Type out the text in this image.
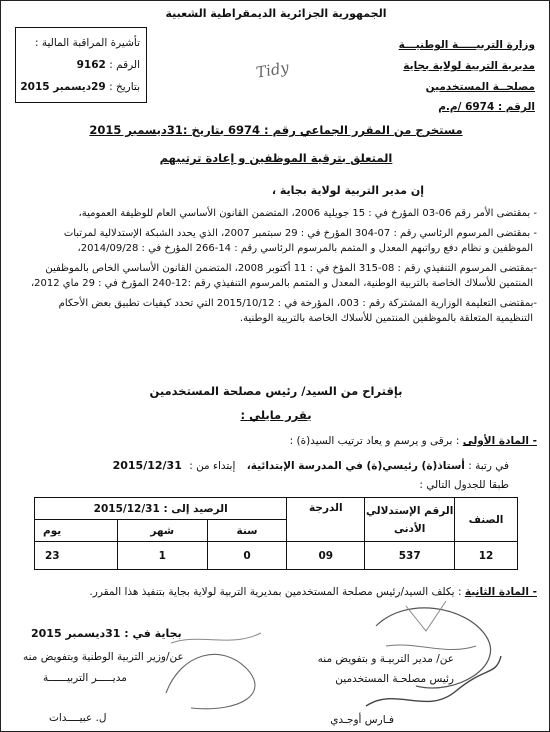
الجمهورية الجزائرية الديمقراطية الشعبية
وزارة التربيـــــة الوطنيـــة
مديرية التربية لولاية بجاية
مصلحــة المستخدمين
الرقم : 6974 /م.م
تأشيرة المراقبة المالية :
الرقم : 9162
بتاريخ : 29ديسمبر 2015
Tidy
مستخرج من المقرر الجماعي رقم : 6974 بتاريخ :31ديسمبر 2015
المتعلق بترقية الموظفين و إعادة ترتيبهم
إن مدير التربية لولاية بجاية ،
- بمقتضى الأمر رقم 06-03 المؤرخ في : 15 جويلية 2006، المتضمن القانون الأساسي العام للوظيفة العمومية،
- بمقتضى المرسوم الرئاسي رقم : 07-304 المؤرخ في : 29 سبتمبر 2007، الذي يحدد الشبكة الإستدلالية لمرتبات
الموظفين و نظام دفع رواتبهم المعدل و المتمم بالمرسوم الرئاسي رقم : 14-266 المؤرخ في : 2014/09/28،
-بمقتضى المرسوم التنفيذي رقم : 08-315 المؤخ في : 11 أكتوبر 2008، المتضمن القانون الأساسي الخاص بالموظفين
المنتمين للأسلاك الخاصة بالتربية الوطنية، المعدل و المتمم بالمرسوم التنفيذي رقم :12-240 المؤرخ في : 29 ماي 2012،
-بمقتضى التعليمة الوزارية المشتركة رقم : 003، المؤرخة في : 2015/10/12 التي تحدد كيفيات تطبيق بعض الأحكام
التنظيمية المتعلقة بالموظفين المنتمين للأسلاك الخاصة بالتربية الوطنية.
بإقتراح من السيد/ رئيس مصلحة المستخدمين
يقرر مايلي :
- المادة الأولى : برقى و يرسم و يعاد ترتيب السيد(ة) :
في رتبة : أستاذ(ة) رئيسي(ة) في المدرسة الإبتدائية، إبتداء من : 2015/12/31
طبقا للجدول التالي :
الصنف	الرقم الإستدلالي الأدنى	الدرجة	الرصيد إلى : 2015/12/31		
			سنة	شهر	يوم
12	537	09	0	1	23
- المادة الثانية : يكلف السيد/رئيس مصلحة المستخدمين بمديرية التربية لولاية بجاية بتنفيذ هذا المقرر.
عن/ مدير التربيـة و بتفويض منه
رئيس مصلحـة المستخدمين
فـارس أوجـدي
بجاية في : 31ديسمبر 2015
عن/وزير التربية الوطنية وبتفويض منه
مديـــــر التربيــــــة
ل. عبيــــدات
